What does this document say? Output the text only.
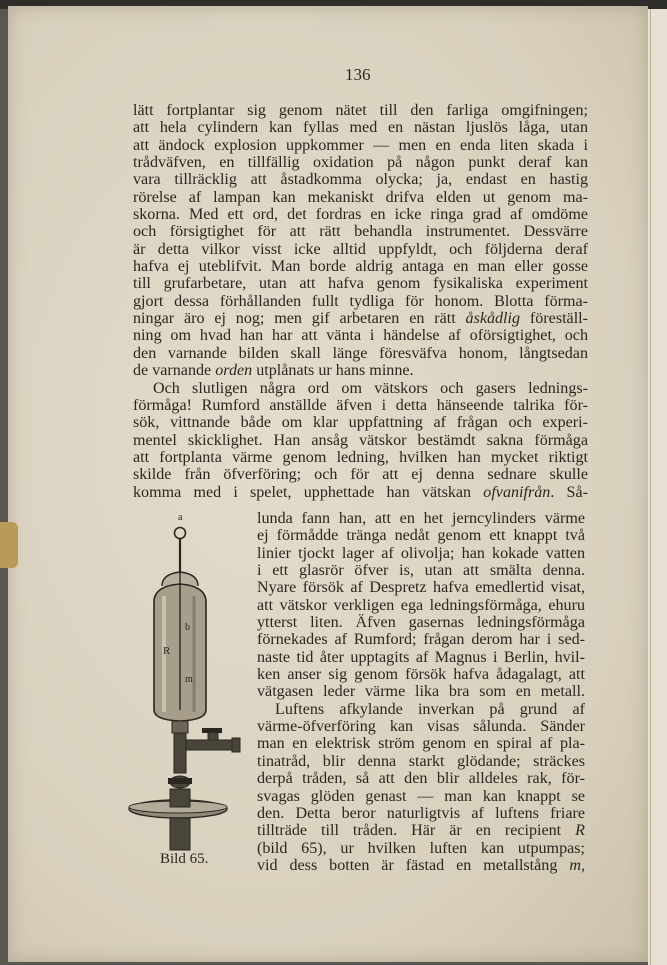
136
lätt fortplantar sig genom nätet till den farliga omgifningen;
att hela cylindern kan fyllas med en nästan ljuslös låga, utan
att ändock explosion uppkommer — men en enda liten skada i
trådväfven, en tillfällig oxidation på någon punkt deraf kan
vara tillräcklig att åstadkomma olycka; ja, endast en hastig
rörelse af lampan kan mekaniskt drifva elden ut genom ma-
skorna. Med ett ord, det fordras en icke ringa grad af omdöme
och försigtighet för att rätt behandla instrumentet. Dessvärre
är detta vilkor visst icke alltid uppfyldt, och följderna deraf
hafva ej uteblifvit. Man borde aldrig antaga en man eller gosse
till grufarbetare, utan att hafva genom fysikaliska experiment
gjort dessa förhållanden fullt tydliga för honom. Blotta förma-
ningar äro ej nog; men gif arbetaren en rätt åskådlig föreställ-
ning om hvad han har att vänta i händelse af oförsigtighet, och
den varnande bilden skall länge föresväfva honom, långtsedan
de varnande orden utplånats ur hans minne.
Och slutligen några ord om vätskors och gasers lednings-
förmåga! Rumford anställde äfven i detta hänseende talrika för-
sök, vittnande både om klar uppfattning af frågan och experi-
mentel skicklighet. Han ansåg vätskor bestämdt sakna förmåga
att fortplanta värme genom ledning, hvilken han mycket riktigt
skilde från öfverföring; och för att ej denna sednare skulle
komma med i spelet, upphettade han vätskan ofvanifrån. Så-
lunda fann han, att en het jerncylinders värme
ej förmådde tränga nedåt genom ett knappt två
linier tjockt lager af olivolja; han kokade vatten
i ett glasrör öfver is, utan att smälta denna.
Nyare försök af Despretz hafva emedlertid visat,
att vätskor verkligen ega ledningsförmåga, ehuru
ytterst liten. Äfven gasernas ledningsförmåga
förnekades af Rumford; frågan derom har i sed-
naste tid åter upptagits af Magnus i Berlin, hvil-
ken anser sig genom försök hafva ådagalagt, att
vätgasen leder värme lika bra som en metall.
Luftens afkylande inverkan på grund af
värme-öfverföring kan visas sålunda. Sänder
man en elektrisk ström genom en spiral af pla-
tinatråd, blir denna starkt glödande; sträckes
derpå tråden, så att den blir alldeles rak, för-
svagas glöden genast — man kan knappt se
den. Detta beror naturligtvis af luftens friare
tillträde till tråden. Här är en recipient R
(bild 65), ur hvilken luften kan utpumpas;
vid dess botten är fästad en metallstång m,
a
b
R
m
Bild 65.
